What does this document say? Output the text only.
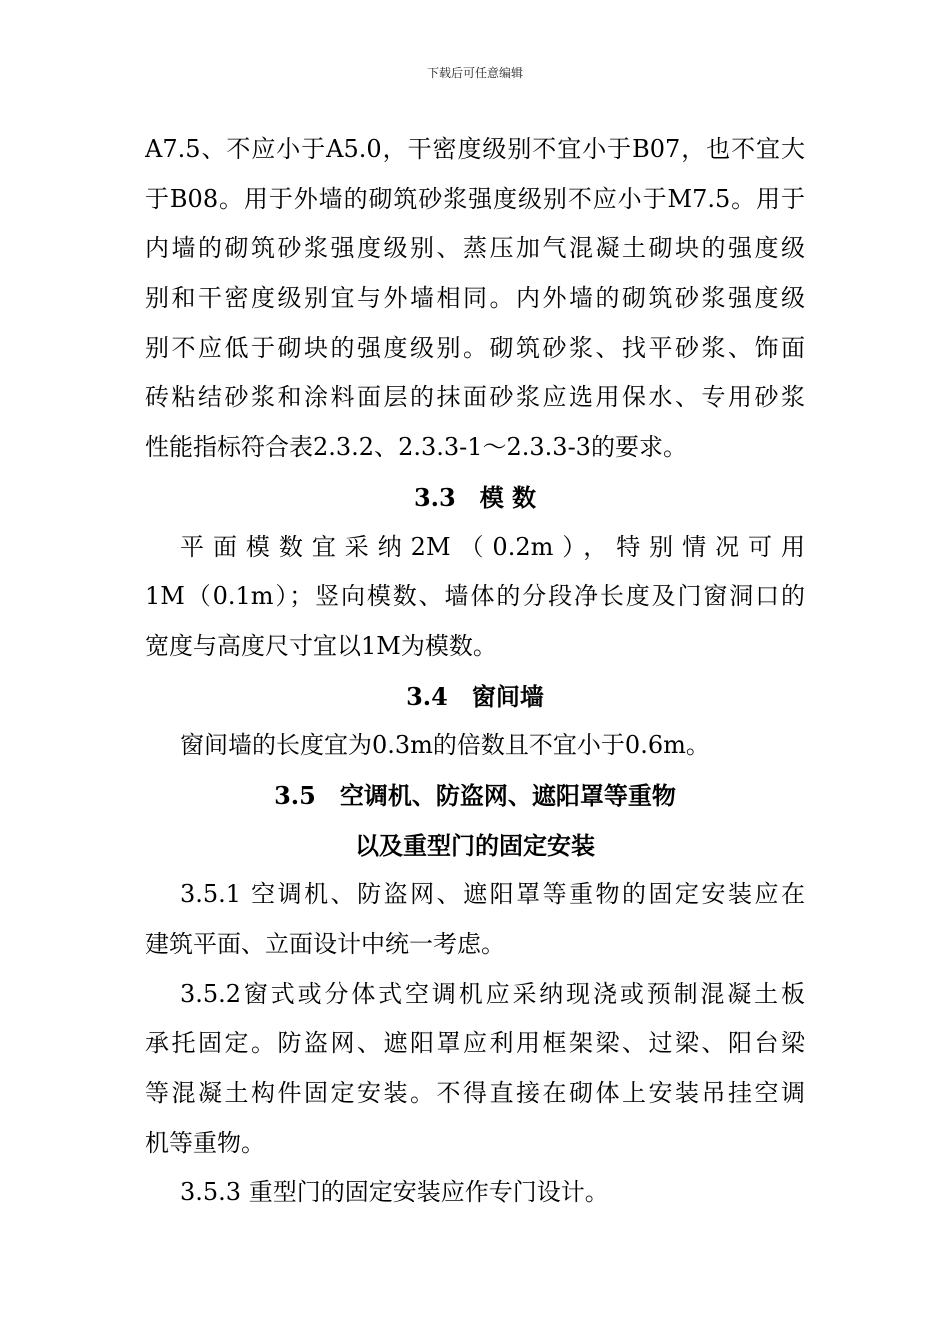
下载后可任意编辑
A7.5、不应小于A5.0，干密度级别不宜小于B07，也不宜大
于B08。用于外墙的砌筑砂浆强度级别不应小于M7.5。用于
内墙的砌筑砂浆强度级别、蒸压加气混凝土砌块的强度级
别和干密度级别宜与外墙相同。内外墙的砌筑砂浆强度级
别不应低于砌块的强度级别。砌筑砂浆、找平砂浆、饰面
砖粘结砂浆和涂料面层的抹面砂浆应选用保水、专用砂浆
性能指标符合表2.3.2、2.3.3-1～2.3.3-3的要求。
3.3　模 数
平面模数宜采纳2M（0.2m），特别情况可用
1M（0.1m）；竖向模数、墙体的分段净长度及门窗洞口的
宽度与高度尺寸宜以1M为模数。
3.4　窗间墙
窗间墙的长度宜为0.3m的倍数且不宜小于0.6m。
3.5　空调机、防盗网、遮阳罩等重物
以及重型门的固定安装
3.5.1 空调机、防盗网、遮阳罩等重物的固定安装应在
建筑平面、立面设计中统一考虑。
3.5.2窗式或分体式空调机应采纳现浇或预制混凝土板
承托固定。防盗网、遮阳罩应利用框架梁、过梁、阳台梁
等混凝土构件固定安装。不得直接在砌体上安装吊挂空调
机等重物。
3.5.3 重型门的固定安装应作专门设计。
